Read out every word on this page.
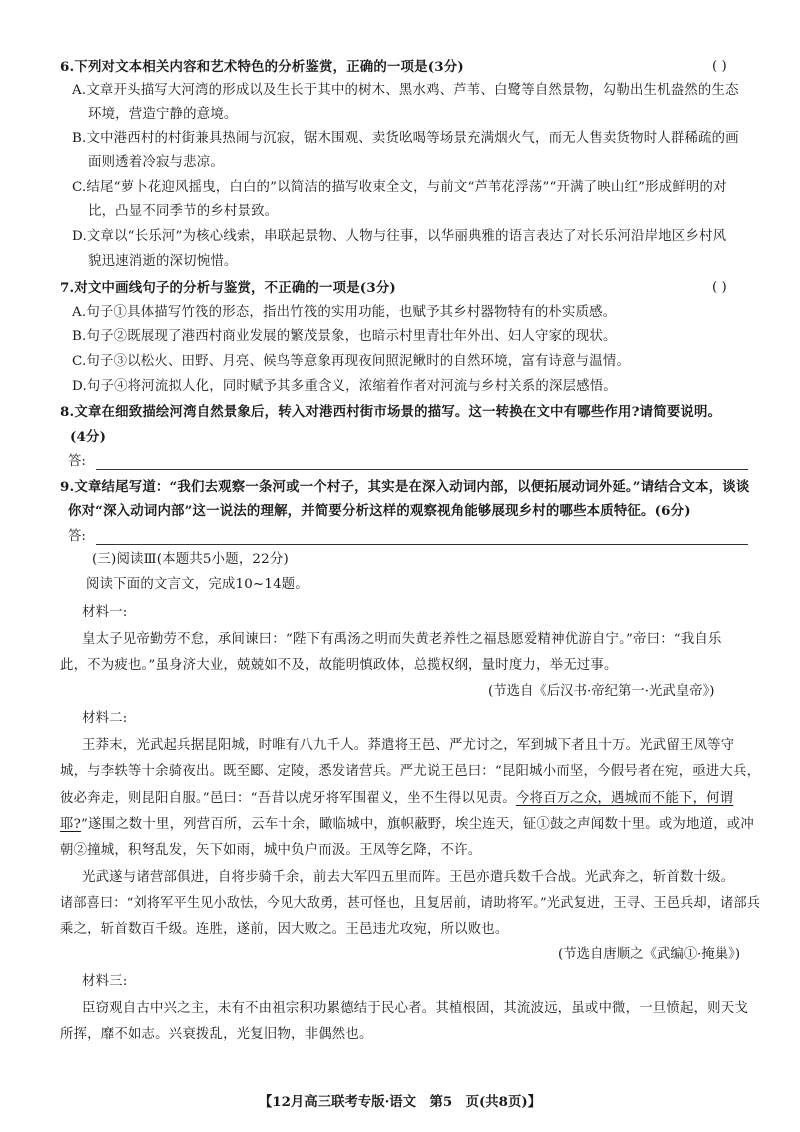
6.下列对文本相关内容和艺术特色的分析鉴赏，正确的一项是(3分)	( )
A.文章开头描写大河湾的形成以及生长于其中的树木、黑水鸡、芦苇、白鹭等自然景物，勾勒出生机盎然的生态
环境，营造宁静的意境。
B.文中港西村的村街兼具热闹与沉寂，锯木围观、卖货吆喝等场景充满烟火气，而无人售卖货物时人群稀疏的画
面则透着冷寂与悲凉。
C.结尾“萝卜花迎风摇曳，白白的”以简洁的描写收束全文，与前文“芦苇花浮荡”“开满了映山红”形成鲜明的对
比，凸显不同季节的乡村景致。
D.文章以“长乐河”为核心线索，串联起景物、人物与往事，以华丽典雅的语言表达了对长乐河沿岸地区乡村风
貌迅速消逝的深切惋惜。
7.对文中画线句子的分析与鉴赏，不正确的一项是(3分)	( )
A.句子①具体描写竹筏的形态，指出竹筏的实用功能，也赋予其乡村器物特有的朴实质感。
B.句子②既展现了港西村商业发展的繁茂景象，也暗示村里青壮年外出、妇人守家的现状。
C.句子③以松火、田野、月亮、候鸟等意象再现夜间照泥鳅时的自然环境，富有诗意与温情。
D.句子④将河流拟人化，同时赋予其多重含义，浓缩着作者对河流与乡村关系的深层感悟。
8.文章在细致描绘河湾自然景象后，转入对港西村街市场景的描写。这一转换在文中有哪些作用?请简要说明。
(4分)
答:
9.文章结尾写道：“我们去观察一条河或一个村子，其实是在深入动词内部，以便拓展动词外延。”请结合文本，谈谈
你对“深入动词内部”这一说法的理解，并简要分析这样的观察视角能够展现乡村的哪些本质特征。(6分)
答:
(三)阅读Ⅲ(本题共5小题，22分)
阅读下面的文言文，完成10~14题。
材料一:
皇太子见帝勤劳不怠，承间谏曰：“陛下有禹汤之明而失黄老养性之福恳愿爱精神优游自宁。”帝曰：“我自乐
此，不为疲也。”虽身济大业，兢兢如不及，故能明慎政体，总揽权纲，量时度力，举无过事。
(节选自《后汉书·帝纪第一·光武皇帝》)
材料二:
王莽末，光武起兵据昆阳城，时唯有八九千人。莽遣将王邑、严尤讨之，军到城下者且十万。光武留王凤等守
城，与李轶等十余骑夜出。既至郾、定陵，悉发诸营兵。严尤说王邑曰：“昆阳城小而坚，今假号者在宛，亟进大兵，
彼必奔走，则昆阳自服。”邑曰：“吾昔以虎牙将军围翟义，坐不生得以见责。今将百万之众，遇城而不能下，何谓
耶?”遂围之数十里，列营百所，云车十余，瞰临城中，旗帜蔽野，埃尘连天，钲①鼓之声闻数十里。或为地道，或冲
朝②撞城，积弩乱发，矢下如雨，城中负户而汲。王凤等乞降，不许。
光武遂与诸营部俱进，自将步骑千余，前去大军四五里而阵。王邑亦遣兵数千合战。光武奔之，斩首数十级。
诸部喜曰：“刘将军平生见小敌怯，今见大敌勇，甚可怪也，且复居前，请助将军。”光武复进，王寻、王邑兵却，诸部兵
乘之，斩首数百千级。连胜，遂前，因大败之。王邑违尤攻宛，所以败也。
(节选自唐顺之《武编①·掩巢》)
材料三:
臣窃观自古中兴之主，未有不由祖宗积功累德结于民心者。其植根固，其流波远，虽或中微，一旦愤起，则天戈
所挥，靡不如志。兴衰拨乱，光复旧物，非偶然也。
【12月高三联考专版·语文　第5　页(共8页)】
